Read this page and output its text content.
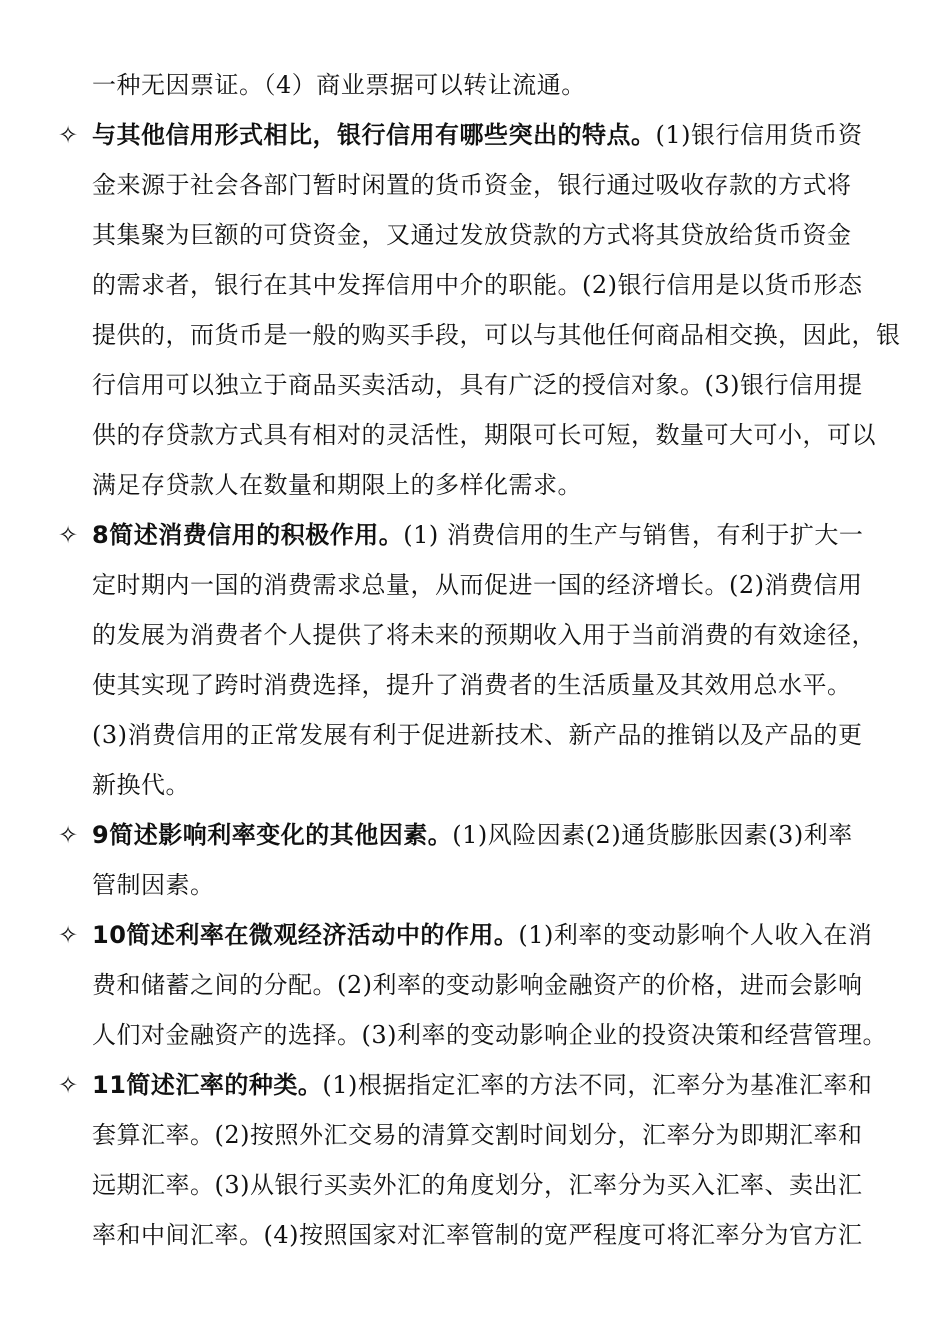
一种无因票证。（4）商业票据可以转让流通。
✧ 与其他信用形式相比，银行信用有哪些突出的特点。(1)银行信用货币资
金来源于社会各部门暂时闲置的货币资金，银行通过吸收存款的方式将
其集聚为巨额的可贷资金，又通过发放贷款的方式将其贷放给货币资金
的需求者，银行在其中发挥信用中介的职能。(2)银行信用是以货币形态
提供的，而货币是一般的购买手段，可以与其他任何商品相交换，因此，银
行信用可以独立于商品买卖活动，具有广泛的授信对象。(3)银行信用提
供的存贷款方式具有相对的灵活性，期限可长可短，数量可大可小，可以
满足存贷款人在数量和期限上的多样化需求。
✧ 8简述消费信用的积极作用。(1) 消费信用的生产与销售，有利于扩大一
定时期内一国的消费需求总量，从而促进一国的经济增长。(2)消费信用
的发展为消费者个人提供了将未来的预期收入用于当前消费的有效途径，
使其实现了跨时消费选择，提升了消费者的生活质量及其效用总水平。
(3)消费信用的正常发展有利于促进新技术、新产品的推销以及产品的更
新换代。
✧ 9简述影响利率变化的其他因素。(1)风险因素(2)通货膨胀因素(3)利率
管制因素。
✧ 10简述利率在微观经济活动中的作用。(1)利率的变动影响个人收入在消
费和储蓄之间的分配。(2)利率的变动影响金融资产的价格，进而会影响
人们对金融资产的选择。(3)利率的变动影响企业的投资决策和经营管理。
✧ 11简述汇率的种类。(1)根据指定汇率的方法不同，汇率分为基准汇率和
套算汇率。(2)按照外汇交易的清算交割时间划分，汇率分为即期汇率和
远期汇率。(3)从银行买卖外汇的角度划分，汇率分为买入汇率、卖出汇
率和中间汇率。(4)按照国家对汇率管制的宽严程度可将汇率分为官方汇
